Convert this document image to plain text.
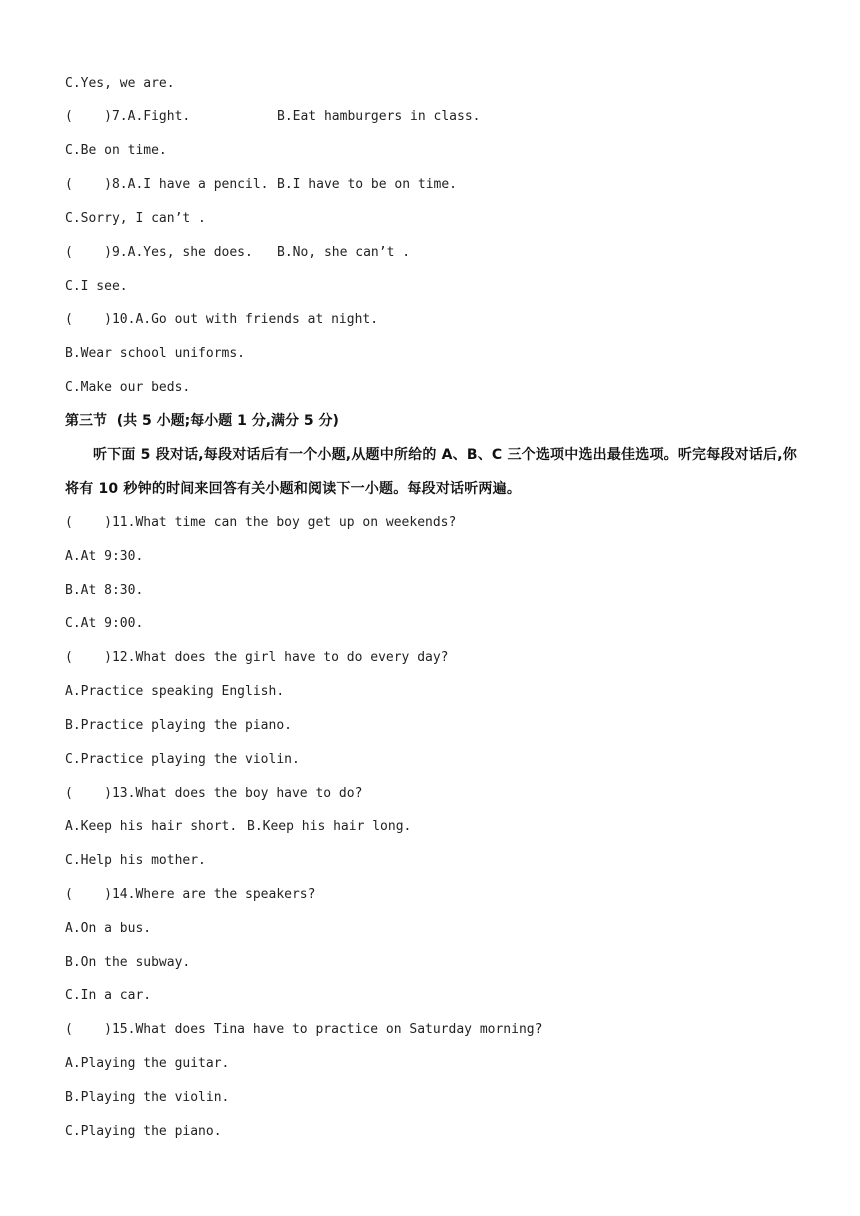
C.Yes, we are.
(    )7.A.Fight.	B.Eat hamburgers in class.
C.Be on time.
(    )8.A.I have a pencil. B.I have to be on time.
C.Sorry, I can’t .
(    )9.A.Yes, she does. B.No, she can’t .
C.I see.
(    )10.A.Go out with friends at night.
B.Wear school uniforms.
C.Make our beds.
第三节  (共 5 小题;每小题 1 分,满分 5 分)
听下面 5 段对话,每段对话后有一个小题,从题中所给的 A、B、C 三个选项中选出最佳选项。听完每段对话后,你将有 10 秒钟的时间来回答有关小题和阅读下一小题。每段对话听两遍。
(    )11.What time can the boy get up on weekends?
A.At 9:30.
B.At 8:30.
C.At 9:00.
(    )12.What does the girl have to do every day?
A.Practice speaking English.
B.Practice playing the piano.
C.Practice playing the violin.
(    )13.What does the boy have to do?
A.Keep his hair short. B.Keep his hair long.
C.Help his mother.
(    )14.Where are the speakers?
A.On a bus.
B.On the subway.
C.In a car.
(    )15.What does Tina have to practice on Saturday morning?
A.Playing the guitar.
B.Playing the violin.
C.Playing the piano.
